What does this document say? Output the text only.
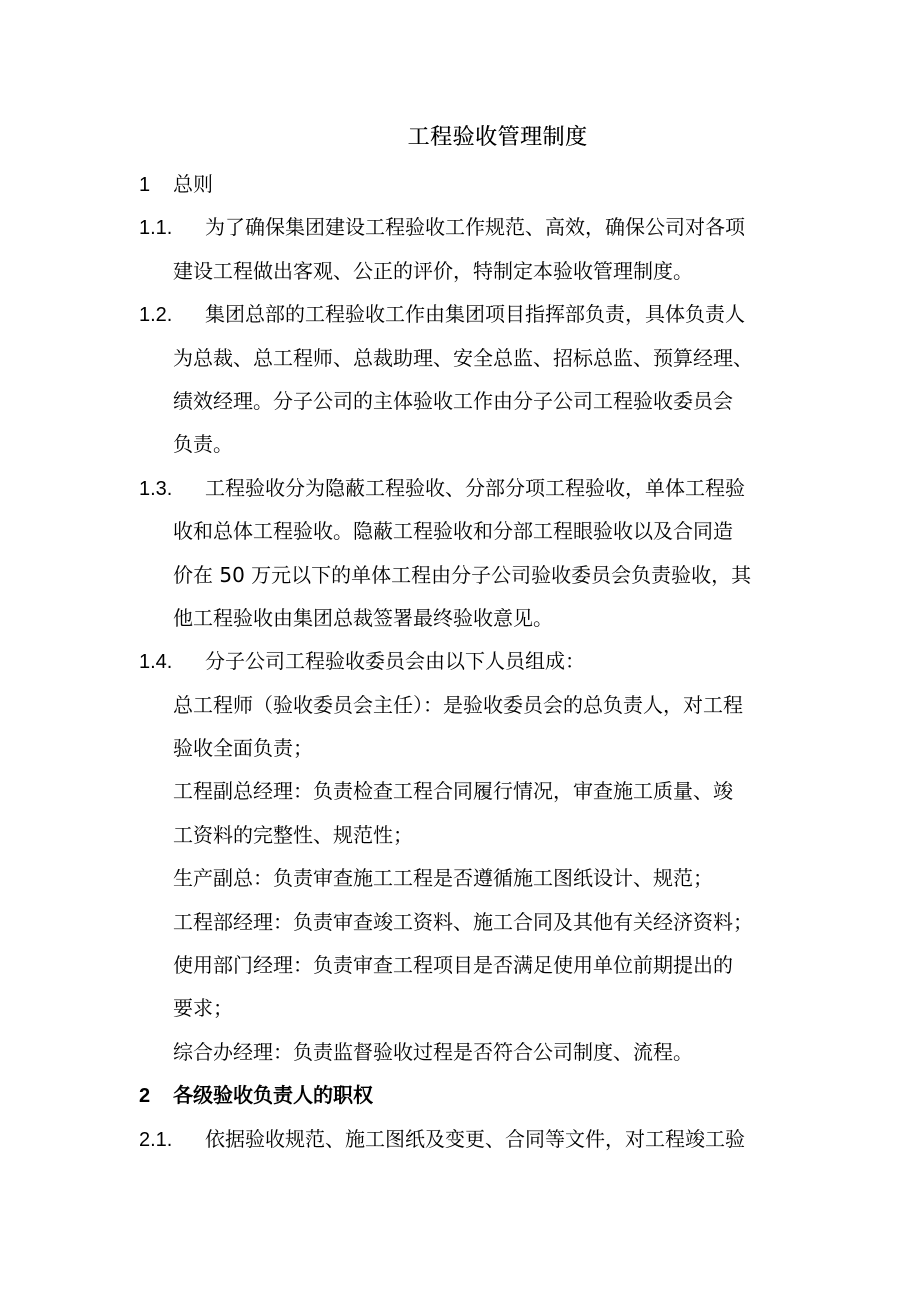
工程验收管理制度
1 总则
1.1. 为了确保集团建设工程验收工作规范、高效，确保公司对各项
建设工程做出客观、公正的评价，特制定本验收管理制度。
1.2. 集团总部的工程验收工作由集团项目指挥部负责，具体负责人
为总裁、总工程师、总裁助理、安全总监、招标总监、预算经理、
绩效经理。分子公司的主体验收工作由分子公司工程验收委员会
负责。
1.3. 工程验收分为隐蔽工程验收、分部分项工程验收，单体工程验
收和总体工程验收。隐蔽工程验收和分部工程眼验收以及合同造
价在 50 万元以下的单体工程由分子公司验收委员会负责验收，其
他工程验收由集团总裁签署最终验收意见。
1.4. 分子公司工程验收委员会由以下人员组成：
总工程师（验收委员会主任）：是验收委员会的总负责人，对工程
验收全面负责；
工程副总经理：负责检查工程合同履行情况，审查施工质量、竣
工资料的完整性、规范性；
生产副总：负责审查施工工程是否遵循施工图纸设计、规范；
工程部经理：负责审查竣工资料、施工合同及其他有关经济资料；
使用部门经理：负责审查工程项目是否满足使用单位前期提出的
要求；
综合办经理：负责监督验收过程是否符合公司制度、流程。
2 各级验收负责人的职权
2.1. 依据验收规范、施工图纸及变更、合同等文件，对工程竣工验
